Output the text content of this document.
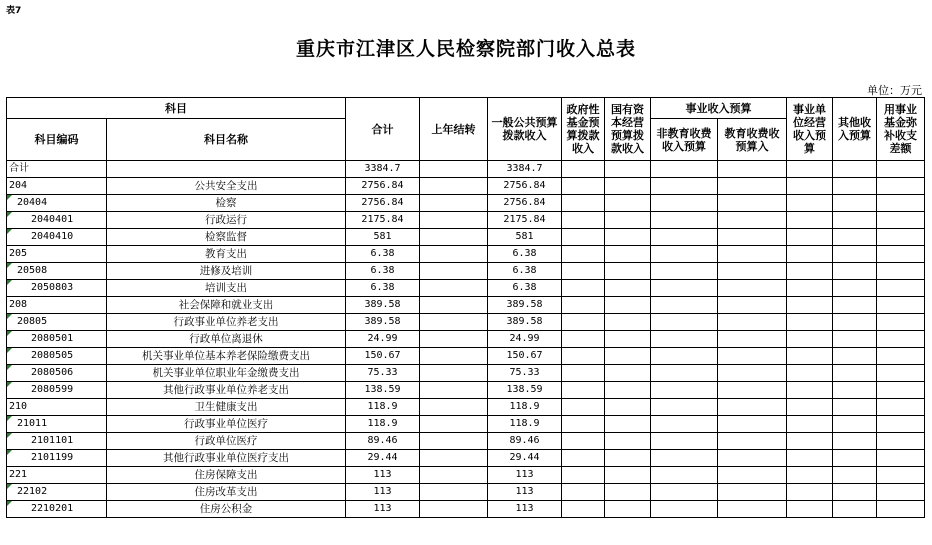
表7
重庆市江津区人民检察院部门收入总表
单位：万元
科目		合计	上年结转	一般公共预算拨款收入	政府性基金预算拨款收入	国有资本经营预算拨款收入	事业收入预算		事业单位经营收入预算	其他收入预算	用事业基金弥补收支差额
科目编码	科目名称						非教育收费收入预算	教育收费收预算入			
合计		3384.7		3384.7							
204	公共安全支出	2756.84		2756.84							
20404	检察	2756.84		2756.84							
2040401	行政运行	2175.84		2175.84							
2040410	检察监督	581		581							
205	教育支出	6.38		6.38							
20508	进修及培训	6.38		6.38							
2050803	培训支出	6.38		6.38							
208	社会保障和就业支出	389.58		389.58							
20805	行政事业单位养老支出	389.58		389.58							
2080501	行政单位离退休	24.99		24.99							
2080505	机关事业单位基本养老保险缴费支出	150.67		150.67							
2080506	机关事业单位职业年金缴费支出	75.33		75.33							
2080599	其他行政事业单位养老支出	138.59		138.59							
210	卫生健康支出	118.9		118.9							
21011	行政事业单位医疗	118.9		118.9							
2101101	行政单位医疗	89.46		89.46							
2101199	其他行政事业单位医疗支出	29.44		29.44							
221	住房保障支出	113		113							
22102	住房改革支出	113		113							
2210201	住房公积金	113		113							
